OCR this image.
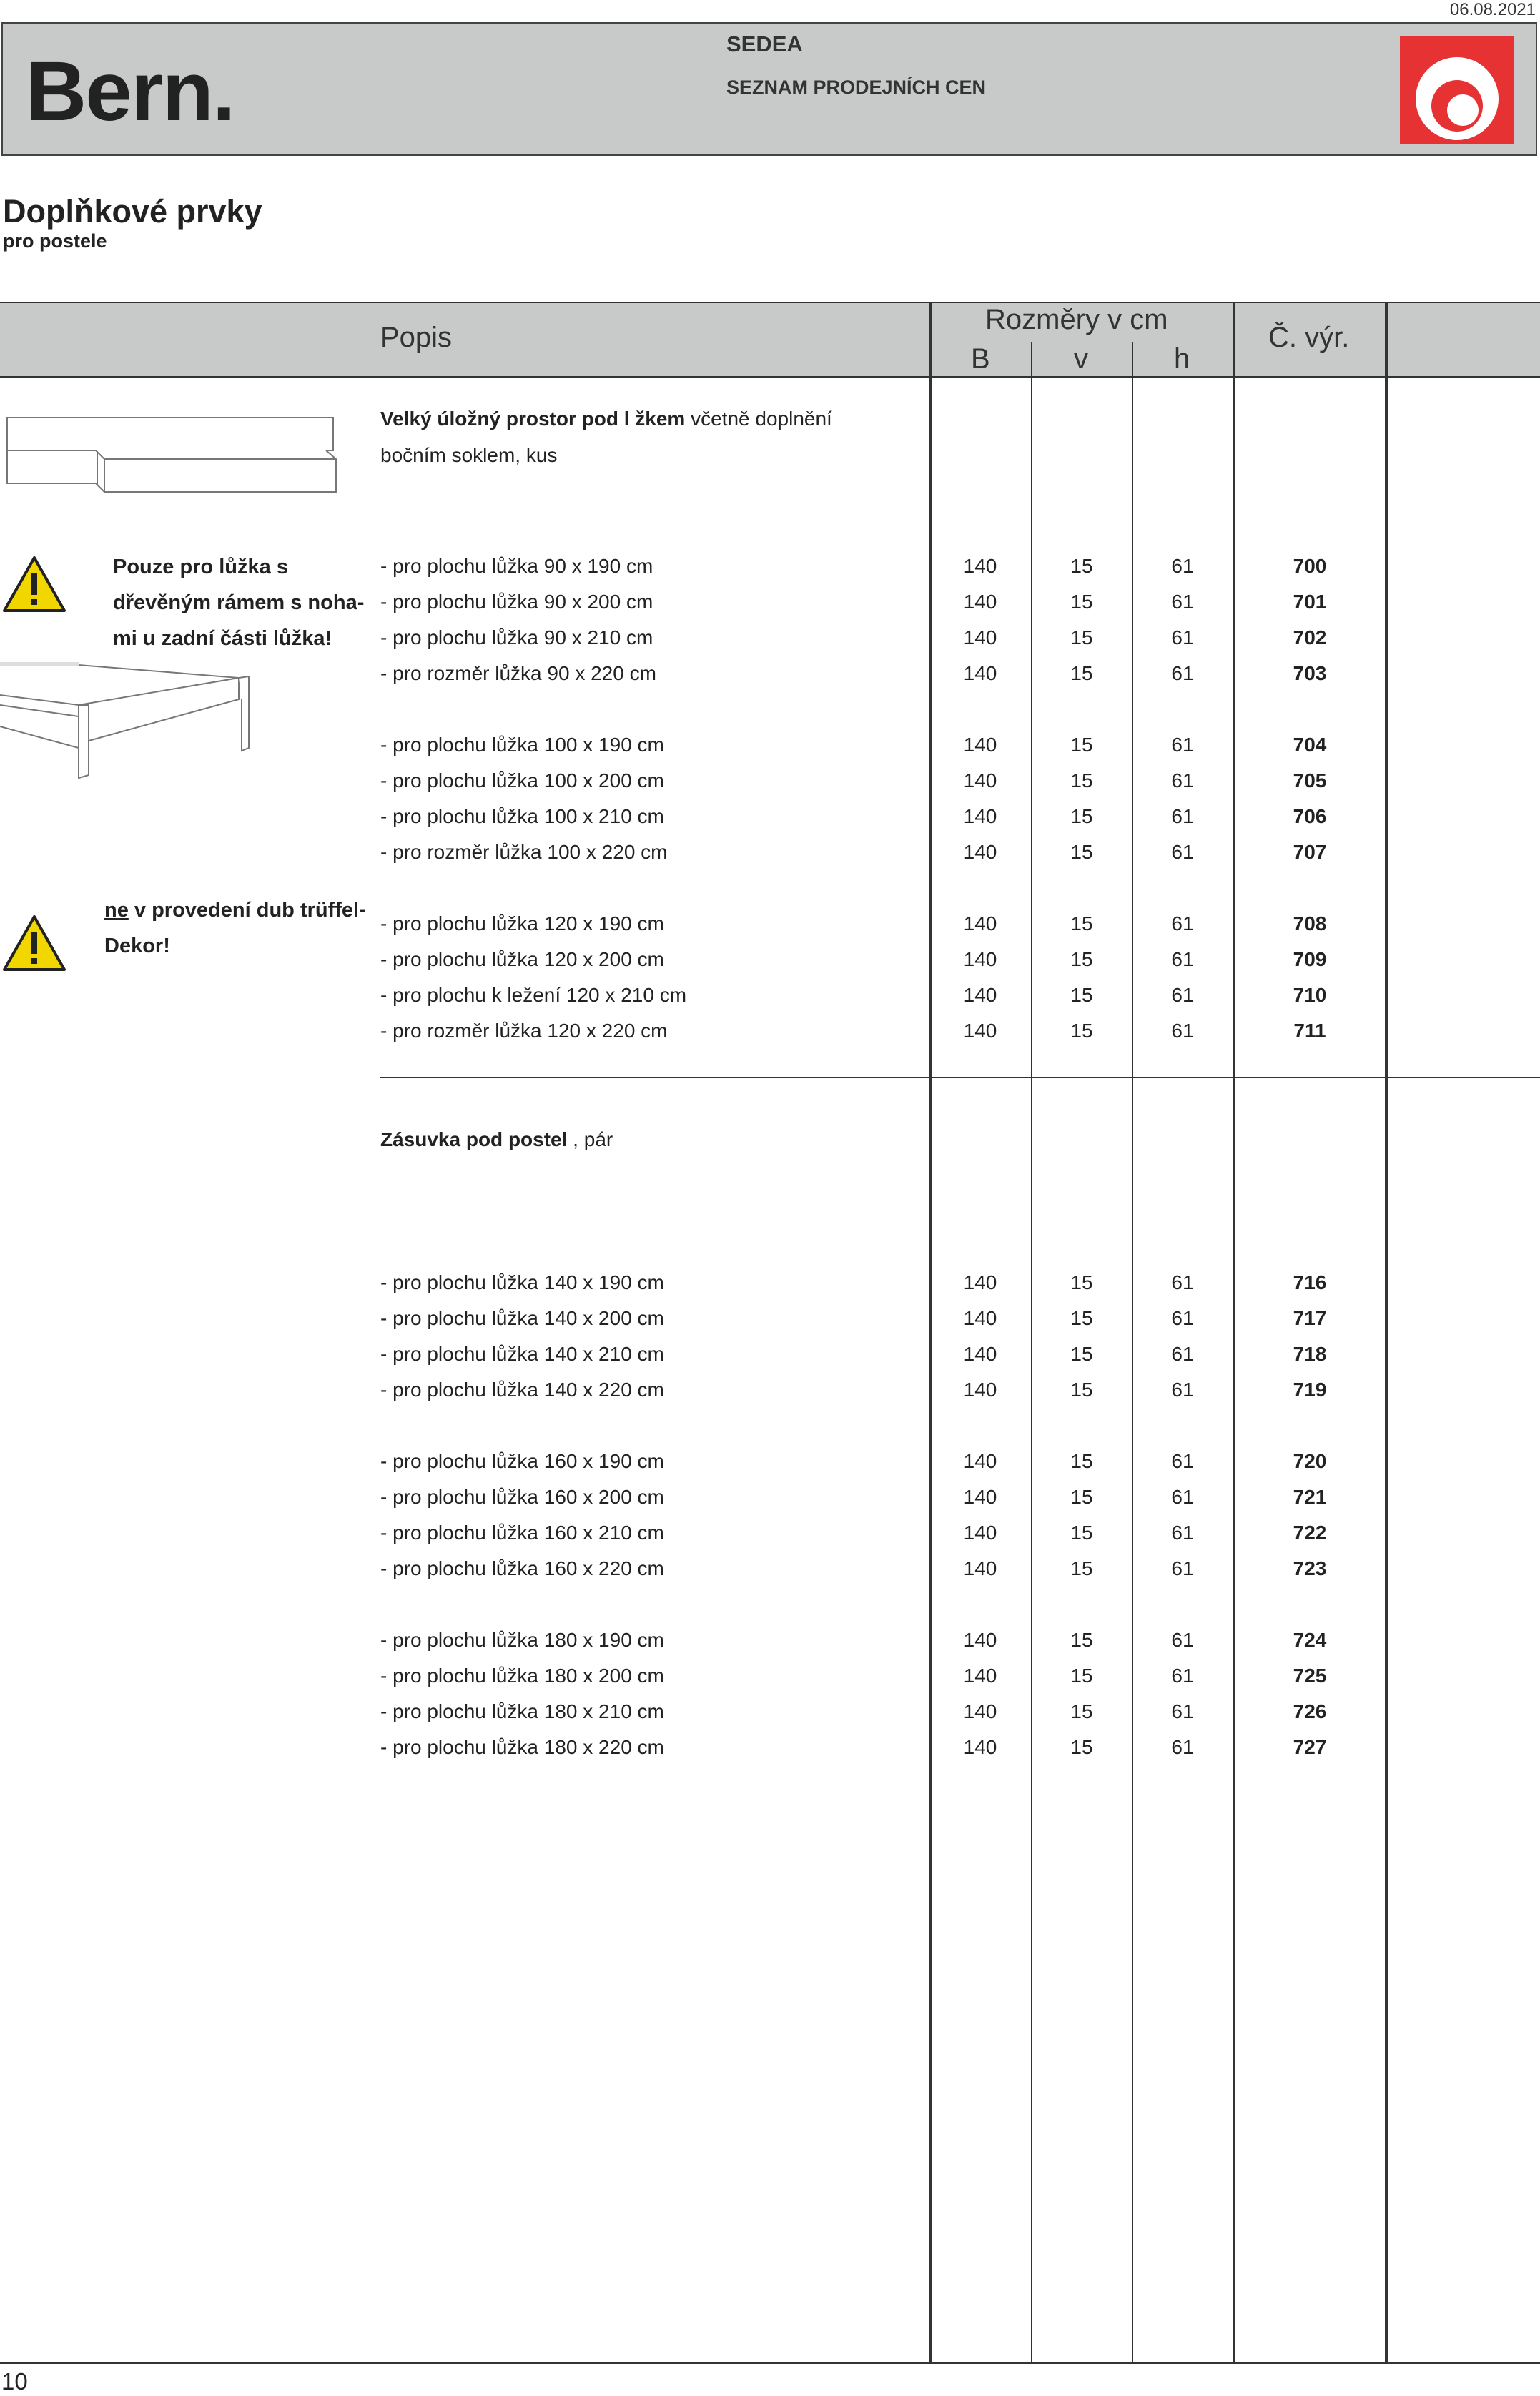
06.08.2021
Bern.
SEDEA
SEZNAM PRODEJNÍCH CEN
Doplňkové prvky
pro postele
Popis
Rozměry v cm
B	v	h
Č. výr.
Velký úložný prostor pod l žkem včetně doplnění
bočním soklem, kus
Pouze pro lůžka s
dřevěným rámem s noha-
mi u zadní části lůžka!
ne v provedení dub trüffel-
Dekor!
Zásuvka pod postel , pár
- pro plochu lůžka 90 x 190 cm	140	15	61	700
- pro plochu lůžka 90 x 200 cm	140	15	61	701
- pro plochu lůžka 90 x 210 cm	140	15	61	702
- pro rozměr lůžka 90 x 220 cm	140	15	61	703
- pro plochu lůžka 100 x 190 cm	140	15	61	704
- pro plochu lůžka 100 x 200 cm	140	15	61	705
- pro plochu lůžka 100 x 210 cm	140	15	61	706
- pro rozměr lůžka 100 x 220 cm	140	15	61	707
- pro plochu lůžka 120 x 190 cm	140	15	61	708
- pro plochu lůžka 120 x 200 cm	140	15	61	709
- pro plochu k ležení 120 x 210 cm	140	15	61	710
- pro rozměr lůžka 120 x 220 cm	140	15	61	711
- pro plochu lůžka 140 x 190 cm	140	15	61	716
- pro plochu lůžka 140 x 200 cm	140	15	61	717
- pro plochu lůžka 140 x 210 cm	140	15	61	718
- pro plochu lůžka 140 x 220 cm	140	15	61	719
- pro plochu lůžka 160 x 190 cm	140	15	61	720
- pro plochu lůžka 160 x 200 cm	140	15	61	721
- pro plochu lůžka 160 x 210 cm	140	15	61	722
- pro plochu lůžka 160 x 220 cm	140	15	61	723
- pro plochu lůžka 180 x 190 cm	140	15	61	724
- pro plochu lůžka 180 x 200 cm	140	15	61	725
- pro plochu lůžka 180 x 210 cm	140	15	61	726
- pro plochu lůžka 180 x 220 cm	140	15	61	727
10
